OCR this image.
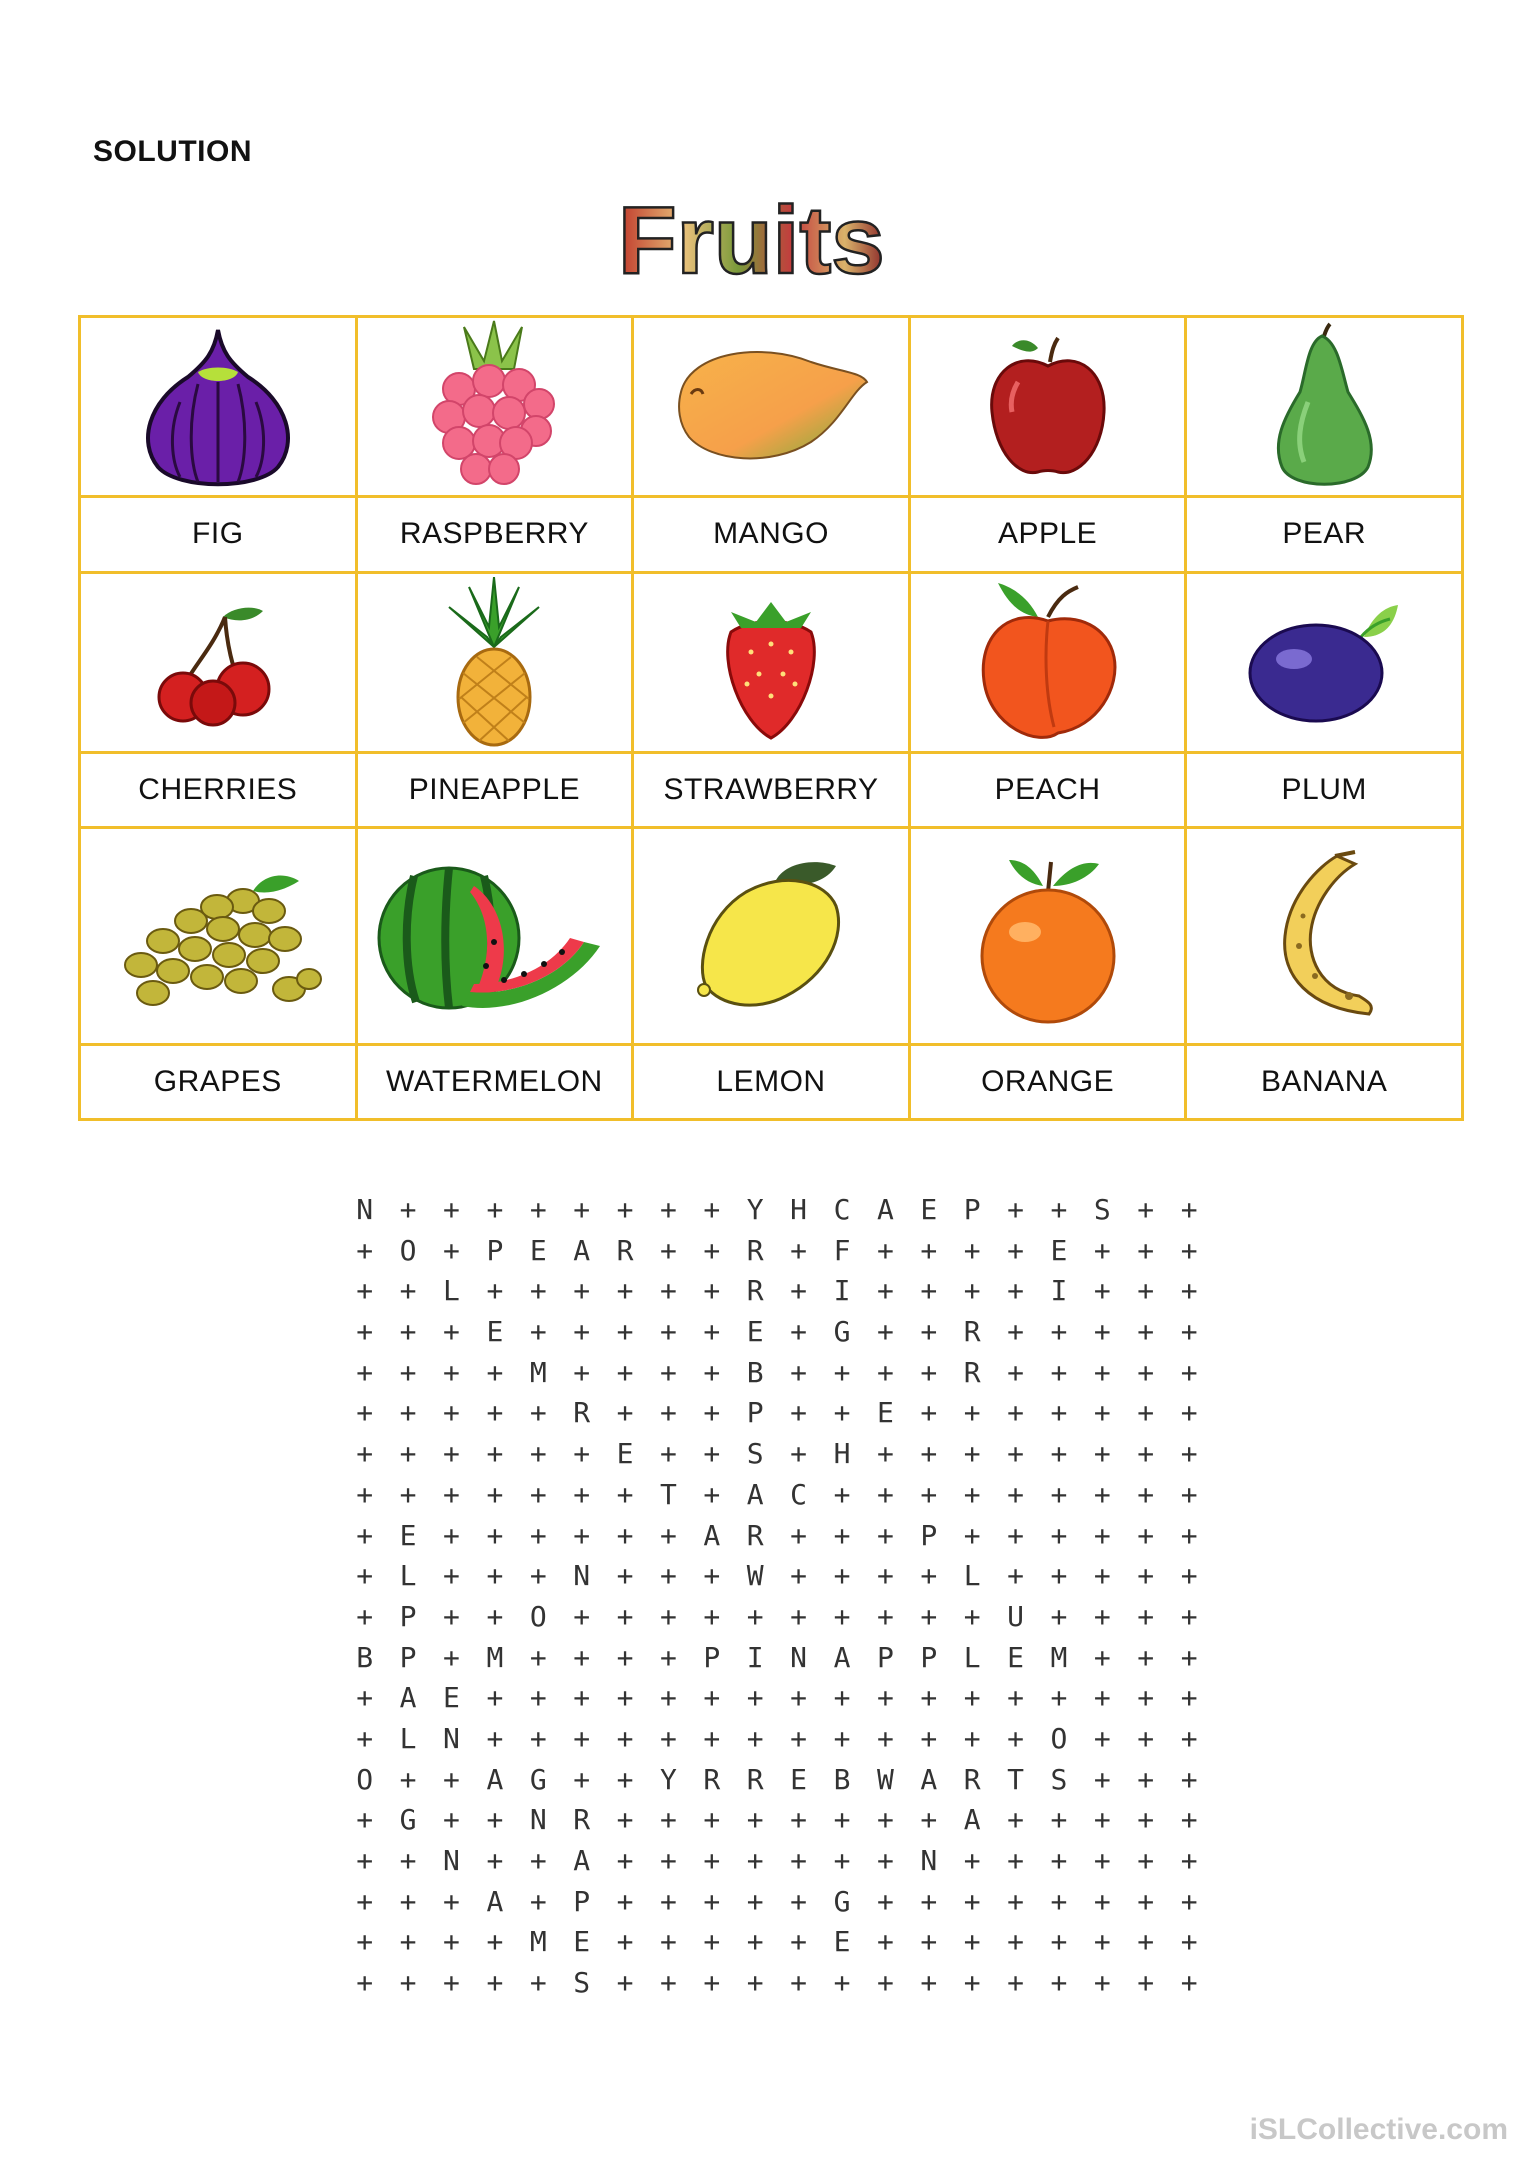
SOLUTION
Fruits

FIG	RASPBERRY	MANGO	APPLE	PEAR

CHERRIES	PINEAPPLE	STRAWBERRY	PEACH	PLUM

GRAPES	WATERMELON	LEMON	ORANGE	BANANA
N + + + + + + + + Y H C A E P + + S + +
+ O + P E A R + + R + F + + + + E + + +
+ + L + + + + + + R + I + + + + I + + +
+ + + E + + + + + E + G + + R + + + + +
+ + + + M + + + + B + + + + R + + + + +
+ + + + + R + + + P + + E + + + + + + +
+ + + + + + E + + S + H + + + + + + + +
+ + + + + + + T + A C + + + + + + + + +
+ E + + + + + + A R + + + P + + + + + +
+ L + + + N + + + W + + + + L + + + + +
+ P + + O + + + + + + + + + + U + + + +
B P + M + + + + P I N A P P L E M + + +
+ A E + + + + + + + + + + + + + + + + +
+ L N + + + + + + + + + + + + + O + + +
O + + A G + + Y R R E B W A R T S + + +
+ G + + N R + + + + + + + + A + + + + +
+ + N + + A + + + + + + + N + + + + + +
+ + + A + P + + + + + G + + + + + + + +
+ + + + M E + + + + + E + + + + + + + +
+ + + + + S + + + + + + + + + + + + + +
iSLCollective.com
